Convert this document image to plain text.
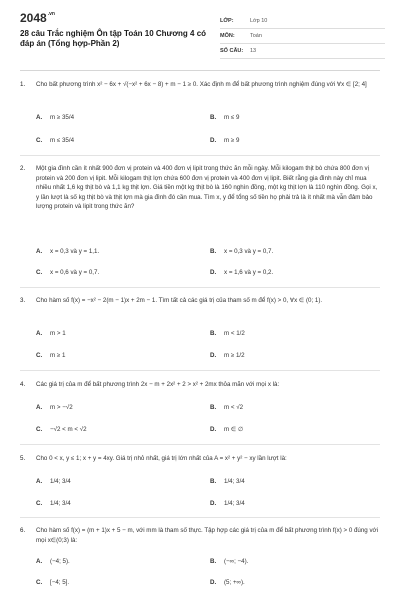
$2048^{.vn}$
28 câu Trắc nghiệm Ôn tập Toán 10 Chương 4 có đáp án (Tổng hợp-Phần 2)
LỚP:	Lớp 10
MÔN:	Toán
SỐ CÂU:	13
1.	Cho bất phương trình x² − 6x + √(−x² + 6x − 8) + m − 1 ≥ 0. Xác định m để bất phương trình nghiệm đúng với ∀x ∈ [2; 4]
A.	m ≥ 35/4	B.	m ≤ 9
C.	m ≤ 35/4	D.	m ≥ 9
2.	Một gia đình cần ít nhất 900 đơn vị protein và 400 đơn vị lipit trong thức ăn mỗi ngày. Mỗi kilogam thịt bò chứa 800 đơn vị protein và 200 đơn vị lipit. Mỗi kilogam thịt lợn chứa 600 đơn vị protein và 400 đơn vị lipit. Biết rằng gia đình này chỉ mua nhiều nhất 1,6 kg thịt bò và 1,1 kg thịt lợn. Giá tiền một kg thịt bò là 160 nghìn đồng, một kg thịt lợn là 110 nghìn đồng. Gọi x, y lần lượt là số kg thịt bò và thịt lợn mà gia đình đó cần mua. Tìm x, y để tổng số tiền họ phải trả là ít nhất mà vẫn đảm bảo lượng protein và lipit trong thức ăn?
A.	x = 0,3 và y = 1,1.	B.	x = 0,3 và y = 0,7.
C.	x = 0,6 và y = 0,7.	D.	x = 1,6 và y = 0,2.
3.	Cho hàm số f(x) = −x² − 2(m − 1)x + 2m − 1. Tìm tất cả các giá trị của tham số m để f(x) > 0, ∀x ∈ (0; 1).
A.	m > 1	B.	m < 1/2
C.	m ≥ 1	D.	m ≥ 1/2
4.	Các giá trị của m để bất phương trình 2x − m + 2x² + 2 > x² + 2mx thỏa mãn với mọi x là:
A.	m > −√2	B.	m < √2
C.	−√2 < m < √2	D.	m ∈ ∅
5.	Cho 0 < x, y ≤ 1; x + y = 4xy. Giá trị nhỏ nhất, giá trị lớn nhất của A = x² + y² − xy lần lượt là:
A.	1/4; 3/4	B.	1/4; 3/4
C.	1/4; 3/4	D.	1/4; 3/4
6.	Cho hàm số f(x) = (m + 1)x + 5 − m, với mm là tham số thực. Tập hợp các giá trị của m để bất phương trình f(x) > 0 đúng với mọi x∈(0;3) là:
A.	(−4; 5).	B.	(−∞; −4).
C.	[−4; 5].	D.	(5; +∞).
